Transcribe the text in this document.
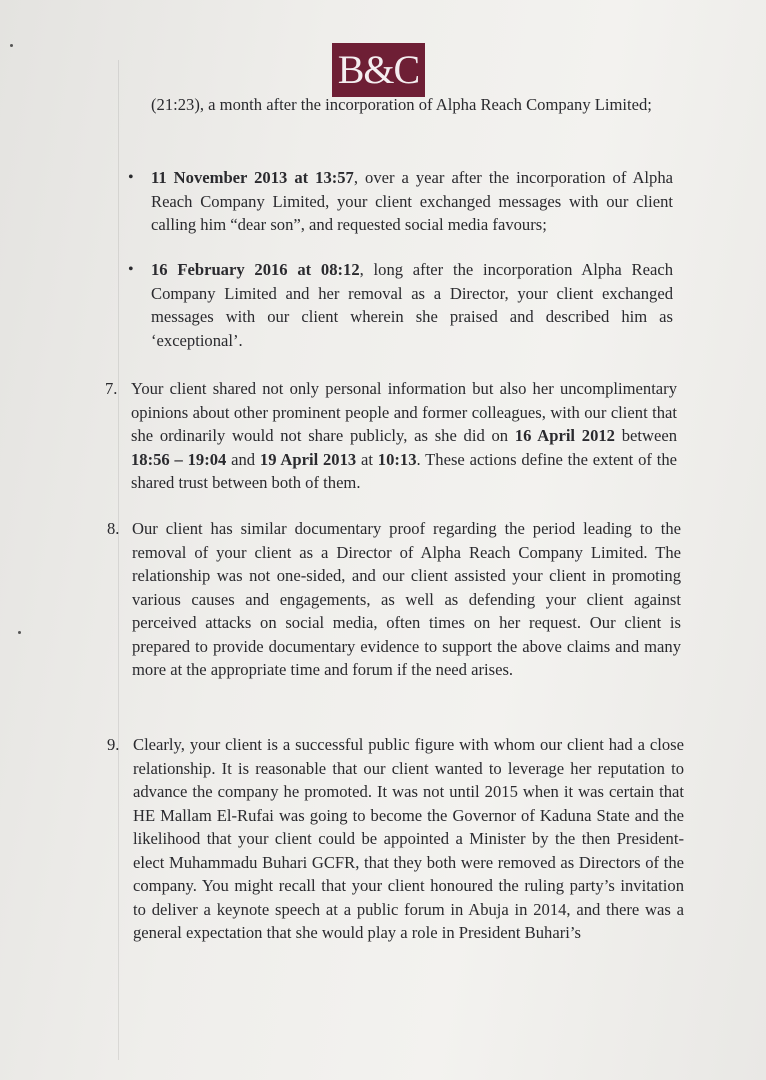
B&C
(21:23), a month after the incorporation of Alpha Reach Company Limited;
• 11 November 2013 at 13:57, over a year after the incorporation of Alpha Reach Company Limited, your client exchanged messages with our client calling him “dear son”, and requested social media favours;
• 16 February 2016 at 08:12, long after the incorporation Alpha Reach Company Limited and her removal as a Director, your client exchanged messages with our client wherein she praised and described him as ‘exceptional’.
7. Your client shared not only personal information but also her uncomplimentary opinions about other prominent people and former colleagues, with our client that she ordinarily would not share publicly, as she did on 16 April 2012 between 18:56 – 19:04 and 19 April 2013 at 10:13. These actions define the extent of the shared trust between both of them.
8. Our client has similar documentary proof regarding the period leading to the removal of your client as a Director of Alpha Reach Company Limited. The relationship was not one-sided, and our client assisted your client in promoting various causes and engagements, as well as defending your client against perceived attacks on social media, often times on her request. Our client is prepared to provide documentary evidence to support the above claims and many more at the appropriate time and forum if the need arises.
9. Clearly, your client is a successful public figure with whom our client had a close relationship. It is reasonable that our client wanted to leverage her reputation to advance the company he promoted. It was not until 2015 when it was certain that HE Mallam El-Rufai was going to become the Governor of Kaduna State and the likelihood that your client could be appointed a Minister by the then President-elect Muhammadu Buhari GCFR, that they both were removed as Directors of the company. You might recall that your client honoured the ruling party’s invitation to deliver a keynote speech at a public forum in Abuja in 2014, and there was a general expectation that she would play a role in President Buhari’s
